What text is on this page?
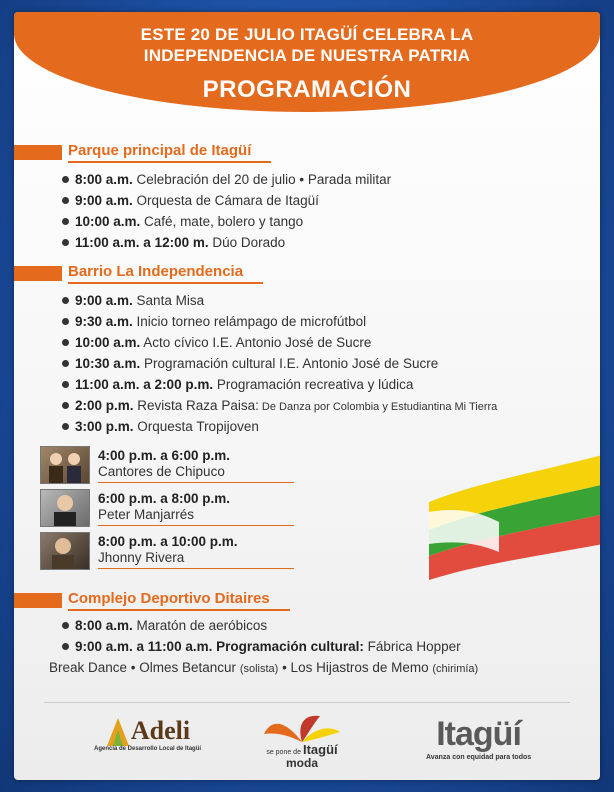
ESTE 20 DE JULIO ITAGÜÍ CELEBRA LA
INDEPENDENCIA DE NUESTRA PATRIA
PROGRAMACIÓN
Parque principal de Itagüí
8:00 a.m. Celebración del 20 de julio • Parada militar
9:00 a.m. Orquesta de Cámara de Itagüí
10:00 a.m. Café, mate, bolero y tango
11:00 a.m. a 12:00 m. Dúo Dorado
Barrio La Independencia
9:00 a.m. Santa Misa
9:30 a.m. Inicio torneo relámpago de microfútbol
10:00 a.m. Acto cívico I.E. Antonio José de Sucre
10:30 a.m. Programación cultural I.E. Antonio José de Sucre
11:00 a.m. a 2:00 p.m. Programación recreativa y lúdica
2:00 p.m. Revista Raza Paisa: De Danza por Colombia y Estudiantina Mi Tierra
3:00 p.m. Orquesta Tropijoven
4:00 p.m. a 6:00 p.m.
Cantores de Chipuco
6:00 p.m. a 8:00 p.m.
Peter Manjarrés
8:00 p.m. a 10:00 p.m.
Jhonny Rivera
Complejo Deportivo Ditaires
8:00 a.m. Maratón de aeróbicos
9:00 a.m. a 11:00 a.m. Programación cultural: Fábrica Hopper
Break Dance • Olmes Betancur (solista) • Los Hijastros de Memo (chirimía)
Adeli
Agencia de Desarrollo Local de Itagüí	se pone de Itagüí
moda
Itagüí
Avanza con equidad para todos
